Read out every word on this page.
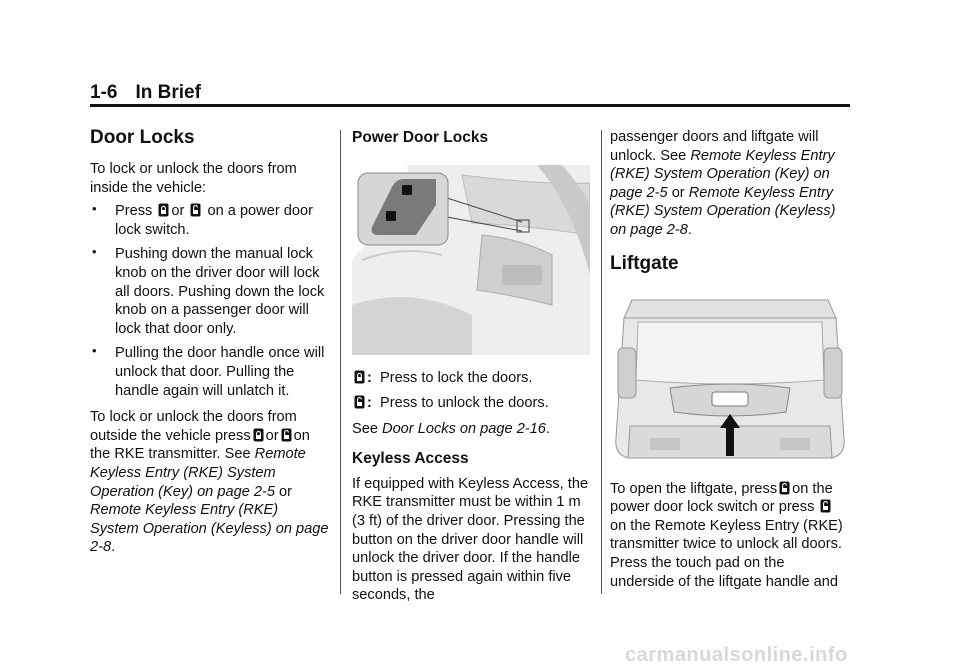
1-6 In Brief
Door Locks

To lock or unlock the doors from inside the vehicle:

• Press or on a power door lock switch.
• Pushing down the manual lock knob on the driver door will lock all doors. Pushing down the lock knob on a passenger door will lock that door only.
• Pulling the door handle once will unlock that door. Pulling the handle again will unlatch it.

To lock or unlock the doors from outside the vehicle press or on the RKE transmitter. See Remote Keyless Entry (RKE) System Operation (Key) on page 2-5 or Remote Keyless Entry (RKE) System Operation (Keyless) on page 2-8.

Power Door Locks
: Press to lock the doors.
: Press to unlock the doors.

See Door Locks on page 2-16.

Keyless Access

If equipped with Keyless Access, the RKE transmitter must be within 1 m (3 ft) of the driver door. Pressing the button on the driver door handle will unlock the driver door. If the handle button is pressed again within five seconds, the

passenger doors and liftgate will unlock. See Remote Keyless Entry (RKE) System Operation (Key) on page 2-5 or Remote Keyless Entry (RKE) System Operation (Keyless) on page 2-8.

Liftgate

To open the liftgate, press on the power door lock switch or press  on the Remote Keyless Entry (RKE) transmitter twice to unlock all doors. Press the touch pad on the underside of the liftgate handle and

carmanualsonline.info
